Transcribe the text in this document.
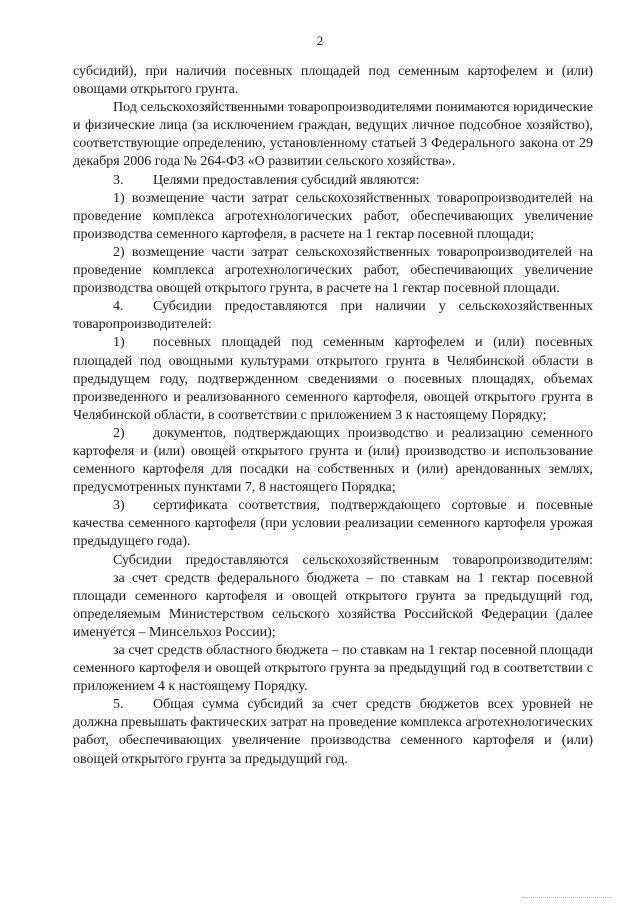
2

субсидий), при наличии посевных площадей под семенным картофелем и (или) овощами открытого грунта.

Под сельскохозяйственными товаропроизводителями понимаются юридические и физические лица (за исключением граждан, ведущих личное подсобное хозяйство), соответствующие определению, установленному статьей 3 Федерального закона от 29 декабря 2006 года № 264-ФЗ «О развитии сельского хозяйства».

3. Целями предоставления субсидий являются:

1) возмещение части затрат сельскохозяйственных товаропроизводителей на проведение комплекса агротехнологических работ, обеспечивающих увеличение производства семенного картофеля, в расчете на 1 гектар посевной площади;

2) возмещение части затрат сельскохозяйственных товаропроизводителей на проведение комплекса агротехнологических работ, обеспечивающих увеличение производства овощей открытого грунта, в расчете на 1 гектар посевной площади.

4. Субсидии предоставляются при наличии у сельскохозяйственных товаропроизводителей:

1) посевных площадей под семенным картофелем и (или) посевных площадей под овощными культурами открытого грунта в Челябинской области в предыдущем году, подтвержденном сведениями о посевных площадях, объемах произведенного и реализованного семенного картофеля, овощей открытого грунта в Челябинской области, в соответствии с приложением 3 к настоящему Порядку;

2) документов, подтверждающих производство и реализацию семенного картофеля и (или) овощей открытого грунта и (или) производство и использование семенного картофеля для посадки на собственных и (или) арендованных землях, предусмотренных пунктами 7, 8 настоящего Порядка;

3) сертификата соответствия, подтверждающего сортовые и посевные качества семенного картофеля (при условии реализации семенного картофеля урожая предыдущего года).

Субсидии предоставляются сельскохозяйственным товаропроизводителям:

за счет средств федерального бюджета – по ставкам на 1 гектар посевной площади семенного картофеля и овощей открытого грунта за предыдущий год, определяемым Министерством сельского хозяйства Российской Федерации (далее именуется – Минсельхоз России);

за счет средств областного бюджета – по ставкам на 1 гектар посевной площади семенного картофеля и овощей открытого грунта за предыдущий год в соответствии с приложением 4 к настоящему Порядку.

5. Общая сумма субсидий за счет средств бюджетов всех уровней не должна превышать фактических затрат на проведение комплекса агротехнологических работ, обеспечивающих увеличение производства семенного картофеля и (или) овощей открытого грунта за предыдущий год.
